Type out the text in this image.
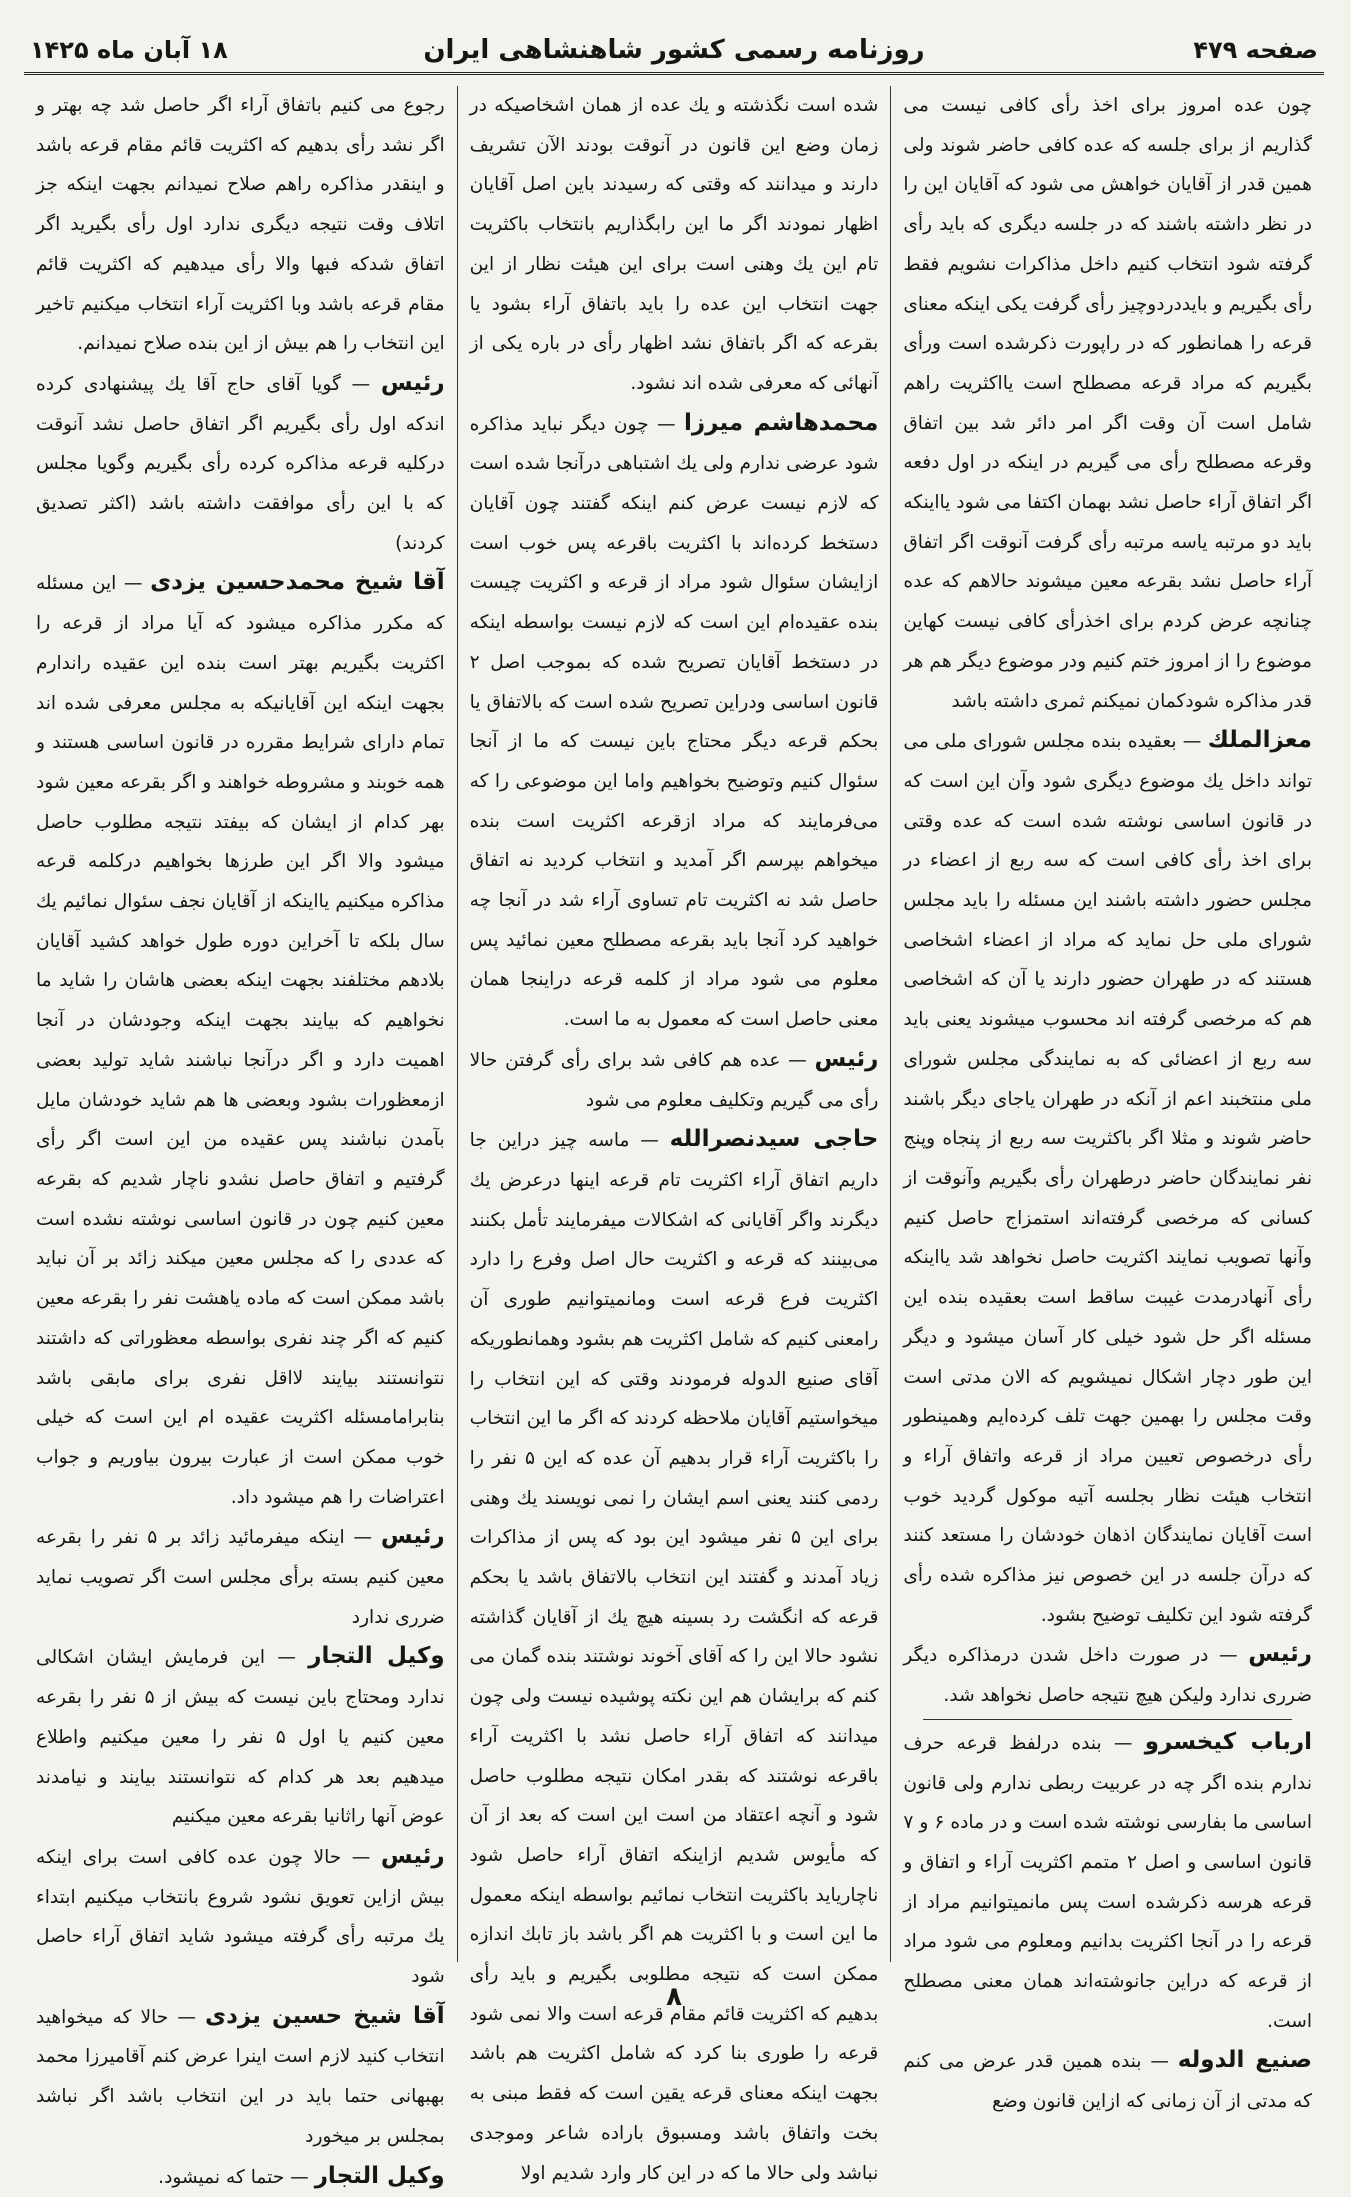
صفحه ۴۷۹
روزنامه رسمی کشور شاهنشاهی ایران
۱۸ آبان ماه ۱۴۲۵

چون عده امروز برای اخذ رأی کافی نیست می گذاریم از برای جلسه که عده کافی حاضر شوند ولی همین قدر از آقایان خواهش می شود که آقایان این را در نظر داشته باشند که در جلسه دیگری که باید رأی گرفته شود انتخاب کنیم داخل مذاکرات نشویم فقط رأی بگیریم و بایددردوچیز رأی گرفت یکی اینکه معنای قرعه را همانطور که در راپورت ذکرشده است ورأی بگیریم که مراد قرعه مصطلح است یااکثریت راهم شامل است آن وقت اگر امر دائر شد بین اتفاق وقرعه مصطلح رأی می گیریم در اینکه در اول دفعه اگر اتفاق آراء حاصل نشد بهمان اکتفا می شود یااینکه باید دو مرتبه یاسه مرتبه رأی گرفت آنوقت اگر اتفاق آراء حاصل نشد بقرعه معین میشوند حالاهم که عده چنانچه عرض کردم برای اخذرأی کافی نیست کهاین موضوع را از امروز ختم کنیم ودر موضوع دیگر هم هر قدر مذاکره شودکمان نمیکنم ثمری داشته باشد

معزالملك — بعقیده بنده مجلس شورای ملی می تواند داخل یك موضوع دیگری شود وآن این است که در قانون اساسی نوشته شده است که عده وقتی برای اخذ رأی کافی است که سه ربع از اعضاء در مجلس حضور داشته باشند این مسئله را باید مجلس شورای ملی حل نماید که مراد از اعضاء اشخاصی هستند که در طهران حضور دارند یا آن که اشخاصی هم که مرخصی گرفته اند محسوب میشوند یعنی باید سه ربع از اعضائی که به نمایندگی مجلس شورای ملی منتخبند اعم از آنکه در طهران یاجای دیگر باشند حاضر شوند و مثلا اگر باکثریت سه ربع از پنجاه وپنج نفر نمایندگان حاضر درطهران رأی بگیریم وآنوقت از کسانی که مرخصی گرفته‌اند استمزاج حاصل کنیم وآنها تصویب نمایند اکثریت حاصل نخواهد شد یااینکه رأی آنهادرمدت غیبت ساقط است بعقیده بنده این مسئله اگر حل شود خیلی کار آسان میشود و دیگر این طور دچار اشکال نمیشویم که الان مدتی است وقت مجلس را بهمین جهت تلف کرده‌ایم وهمینطور رأی درخصوص تعیین مراد از قرعه واتفاق آراء و انتخاب هیئت نظار بجلسه آتیه موکول گردید خوب است آقایان نمایندگان اذهان خودشان را مستعد کنند که درآن جلسه در این خصوص نیز مذاکره شده رأی گرفته شود این تکلیف توضیح بشود.

رئیس — در صورت داخل شدن درمذاکره دیگر ضرری ندارد ولیکن هیچ نتیجه حاصل نخواهد شد.

ارباب کیخسرو — بنده درلفظ قرعه حرف ندارم بنده اگر چه در عربیت ربطی ندارم ولی قانون اساسی ما بفارسی نوشته شده است و در ماده ۶ و ۷ قانون اساسی و اصل ۲ متمم اکثریت آراء و اتفاق و قرعه هرسه ذکرشده است پس مانمیتوانیم مراد از قرعه را در آنجا اکثریت بدانیم ومعلوم می شود مراد از قرعه که دراین جانوشته‌اند همان معنی مصطلح است.

صنیع الدوله — بنده همین قدر عرض می کنم که مدتی از آن زمانی که ازاین قانون وضع

شده است نگذشته و یك عده از همان اشخاصیکه در زمان وضع این قانون در آنوقت بودند الآن تشریف دارند و میدانند که وقتی که رسیدند باین اصل آقایان اظهار نمودند اگر ما این رابگذاریم بانتخاب باکثریت تام این یك وهنی است برای این هیئت نظار از این جهت انتخاب این عده را باید باتفاق آراء بشود یا بقرعه که اگر باتفاق نشد اظهار رأی در باره یکی از آنهائی که معرفی شده اند نشود.

محمدهاشم میرزا — چون دیگر نباید مذاکره شود عرضی ندارم ولی یك اشتباهی درآنجا شده است که لازم نیست عرض کنم اینکه گفتند چون آقایان دستخط کرده‌اند با اکثریت باقرعه پس خوب است ازایشان سئوال شود مراد از قرعه و اکثریت چیست بنده عقیده‌ام این است که لازم نیست بواسطه اینکه در دستخط آقایان تصریح شده که بموجب اصل ۲ قانون اساسی ودراین تصریح شده است که بالاتفاق یا بحکم قرعه دیگر محتاج باین نیست که ما از آنجا سئوال کنیم وتوضیح بخواهیم واما این موضوعی را که می‌فرمایند که مراد ازقرعه اکثریت است بنده میخواهم بپرسم اگر آمدید و انتخاب کردید نه اتفاق حاصل شد نه اکثریت تام تساوی آراء شد در آنجا چه خواهید کرد آنجا باید بقرعه مصطلح معین نمائید پس معلوم می شود مراد از کلمه قرعه دراینجا همان معنی حاصل است که معمول به ما است.

رئیس — عده هم کافی شد برای رأی گرفتن حالا رأی می گیریم وتکلیف معلوم می شود

حاجی سیدنصرالله — ماسه چیز دراین جا داریم اتفاق آراء اکثریت تام قرعه اینها درعرض یك دیگرند واگر آقایانی که اشکالات میفرمایند تأمل بکنند می‌بینند که قرعه و اکثریت حال اصل وفرع را دارد اکثریت فرع قرعه است ومانمیتوانیم طوری آن رامعنی کنیم که شامل اکثریت هم بشود وهمانطوریکه آقای صنیع الدوله فرمودند وقتی که این انتخاب را میخواستیم آقایان ملاحظه کردند که اگر ما این انتخاب را باکثریت آراء قرار بدهیم آن عده که این ۵ نفر را ردمی کنند یعنی اسم ایشان را نمی نویسند یك وهنی برای این ۵ نفر میشود این بود که پس از مذاکرات زیاد آمدند و گفتند این انتخاب بالاتفاق باشد یا بحکم قرعه که انگشت رد بسینه هیچ یك از آقایان گذاشته نشود حالا این را که آقای آخوند نوشتند بنده گمان می کنم که برایشان هم این نکته پوشیده نیست ولی چون میدانند که اتفاق آراء حاصل نشد با اکثریت آراء باقرعه نوشتند که بقدر امکان نتیجه مطلوب حاصل شود و آنچه اعتقاد من است این است که بعد از آن که مأیوس شدیم ازاینکه اتفاق آراء حاصل شود ناچاریاید باکثریت انتخاب نمائیم بواسطه اینکه معمول ما این است و با اکثریت هم اگر باشد باز تابك اندازه ممکن است كه نتیجه مطلوبی بگیریم و باید رأی بدهیم که اکثریت قائم مقام قرعه است والا نمی شود قرعه را طوری بنا کرد که شامل اکثریت هم باشد بجهت اینکه معنای قرعه یقین است که فقط مبنی به بخت واتفاق باشد ومسبوق باراده شاعر وموجدی نباشد ولی حالا ما که در این کار وارد شدیم اولا

رجوع می کنیم باتفاق آراء اگر حاصل شد چه بهتر و اگر نشد رأی بدهیم که اکثریت قائم مقام قرعه باشد و اینقدر مذاکره راهم صلاح نمیدانم بجهت اینکه جز اتلاف وقت نتیجه دیگری ندارد اول رأی بگیرید اگر اتفاق شدکه فبها والا رأی میدهیم که اکثریت قائم مقام قرعه باشد وبا اکثریت آراء انتخاب میکنیم تاخیر این انتخاب را هم بیش از این بنده صلاح نمیدانم.

رئیس — گویا آقای حاج آقا یك پیشنهادی کرده اندکه اول رأی بگیریم اگر اتفاق حاصل نشد آنوقت درکلیه قرعه مذاکره کرده رأی بگیریم وگویا مجلس که با این رأی موافقت داشته باشد (اکثر تصدیق کردند)

آقا شیخ محمدحسین یزدی — این مسئله که مکرر مذاکره میشود که آیا مراد از قرعه را اکثریت بگیریم بهتر است بنده این عقیده راندارم بجهت اینکه این آقایانیکه به مجلس معرفی شده اند تمام دارای شرایط مقرره در قانون اساسی هستند و همه خوبند و مشروطه خواهند و اگر بقرعه معین شود بهر کدام از ایشان که بیفتد نتیجه مطلوب حاصل میشود والا اگر این طرزها بخواهیم درکلمه قرعه مذاکره میکنیم یااینکه از آقایان نجف سئوال نمائیم یك سال بلکه تا آخراین دوره طول خواهد کشید آقایان بلادهم مختلفند بجهت اینکه بعضی هاشان را شاید ما نخواهیم که بیایند بجهت اینکه وجودشان در آنجا اهمیت دارد و اگر درآنجا نباشند شاید تولید بعضی ازمعظورات بشود وبعضی ها هم شاید خودشان مایل بآمدن نباشند پس عقیده من این است اگر رأی گرفتیم و اتفاق حاصل نشدو ناچار شدیم که بقرعه معین کنیم چون در قانون اساسی نوشته نشده است که عددی را که مجلس معین میکند زائد بر آن نباید باشد ممکن است که ماده یاهشت نفر را بقرعه معین کنیم که اگر چند نفری بواسطه معظوراتی که داشتند نتوانستند بیایند لااقل نفری برای مابقی باشد بنابرامامسئله اکثریت عقیده ام این است که خیلی خوب ممکن است از عبارت بیرون بیاوریم و جواب اعتراضات را هم میشود داد.

رئیس — اینکه میفرمائید زائد بر ۵ نفر را بقرعه معین کنیم بسته برأی مجلس است اگر تصویب نماید ضرری ندارد

وکیل التجار — این فرمایش ایشان اشکالی ندارد ومحتاج باین نیست که بیش از ۵ نفر را بقرعه معین کنیم یا اول ۵ نفر را معین میکنیم واطلاع میدهیم بعد هر کدام که نتوانستند بیایند و نیامدند عوض آنها راثانیا بقرعه معین میکنیم

رئیس — حالا چون عده کافی است برای اینکه بیش ازاین تعویق نشود شروع بانتخاب میکنیم ابتداء یك مرتبه رأی گرفته میشود شاید اتفاق آراء حاصل شود

آقا شیخ حسین یزدی — حالا که میخواهید انتخاب کنید لازم است اینرا عرض کنم آقامیرزا محمد بهبهانی حتما باید در این انتخاب باشد اگر نباشد بمجلس بر میخورد

وکیل التجار — حتما که نمیشود.

۸
